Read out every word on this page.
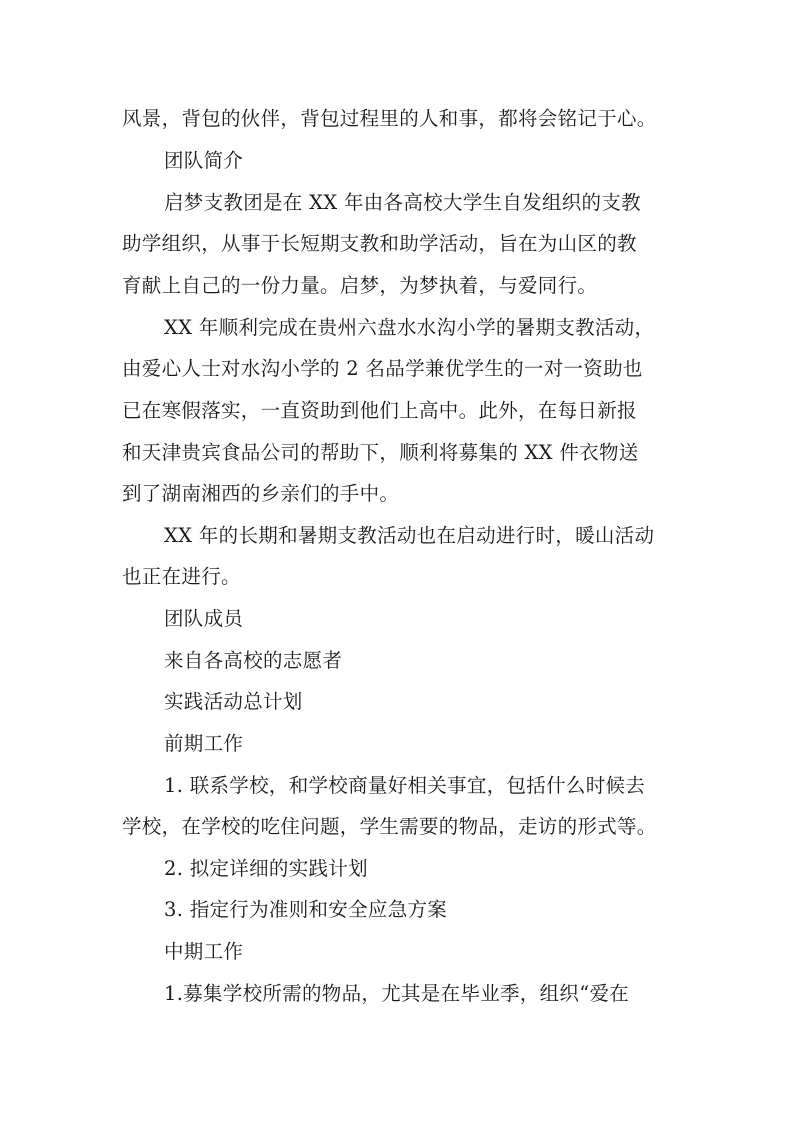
风景，背包的伙伴，背包过程里的人和事，都将会铭记于心。
团队简介
启梦支教团是在 XX 年由各高校大学生自发组织的支教
助学组织，从事于长短期支教和助学活动，旨在为山区的教
育献上自己的一份力量。启梦，为梦执着，与爱同行。
XX 年顺利完成在贵州六盘水水沟小学的暑期支教活动，
由爱心人士对水沟小学的 2 名品学兼优学生的一对一资助也
已在寒假落实，一直资助到他们上高中。此外，在每日新报
和天津贵宾食品公司的帮助下，顺利将募集的 XX 件衣物送
到了湖南湘西的乡亲们的手中。
XX 年的长期和暑期支教活动也在启动进行时，暖山活动
也正在进行。
团队成员
来自各高校的志愿者
实践活动总计划
前期工作
1. 联系学校，和学校商量好相关事宜，包括什么时候去
学校，在学校的吃住问题，学生需要的物品，走访的形式等。
2. 拟定详细的实践计划
3. 指定行为准则和安全应急方案
中期工作
1.募集学校所需的物品，尤其是在毕业季，组织“爱在
